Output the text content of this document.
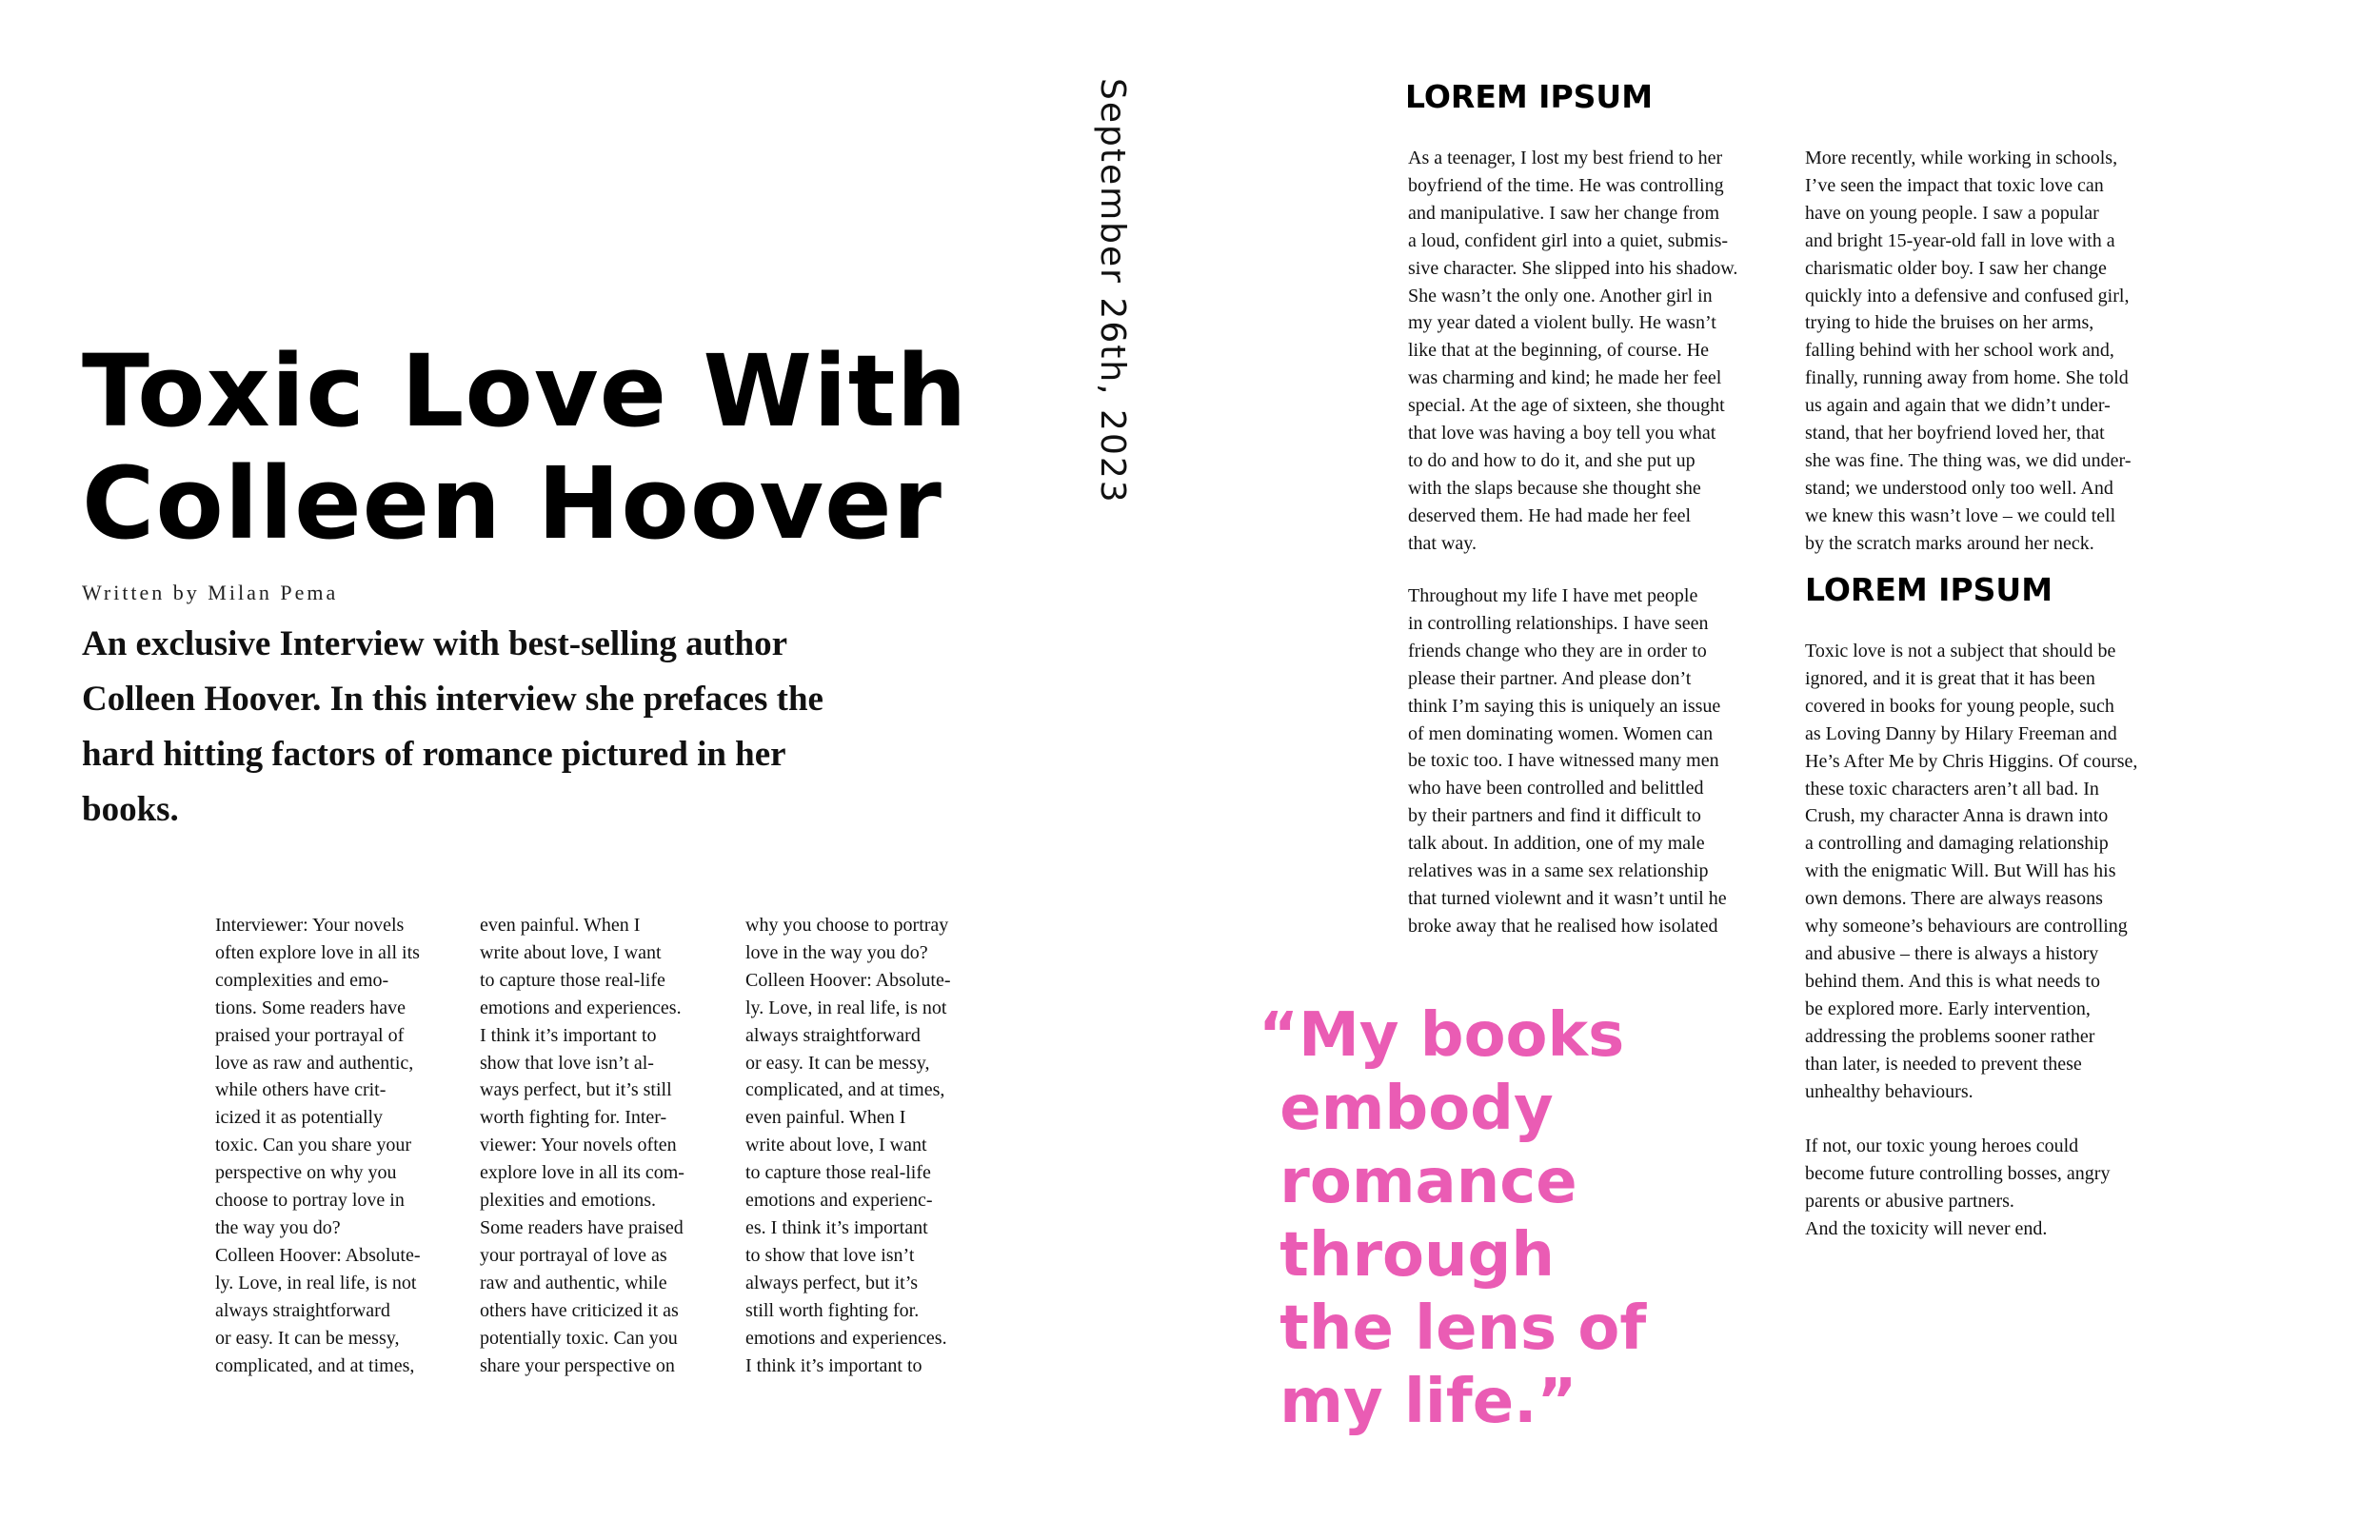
Toxic Love With
Colleen Hoover
Written by Milan Pema
An exclusive Interview with best-selling author Colleen Hoover. In this interview she prefaces the hard hitting factors of romance pictured in her books.
Interviewer: Your novels
often explore love in all its
complexities and emo-
tions. Some readers have
praised your portrayal of
love as raw and authentic,
while others have crit-
icized it as potentially
toxic. Can you share your
perspective on why you
choose to portray love in
the way you do?
Colleen Hoover: Absolute-
ly. Love, in real life, is not
always straightforward
or easy. It can be messy,
complicated, and at times,
even painful. When I
write about love, I want
to capture those real-life
emotions and experiences.
I think it’s important to
show that love isn’t al-
ways perfect, but it’s still
worth fighting for. Inter-
viewer: Your novels often
explore love in all its com-
plexities and emotions.
Some readers have praised
your portrayal of love as
raw and authentic, while
others have criticized it as
potentially toxic. Can you
share your perspective on
why you choose to portray
love in the way you do?
Colleen Hoover: Absolute-
ly. Love, in real life, is not
always straightforward
or easy. It can be messy,
complicated, and at times,
even painful. When I
write about love, I want
to capture those real-life
emotions and experienc-
es. I think it’s important
to show that love isn’t
always perfect, but it’s
still worth fighting for.
emotions and experiences.
I think it’s important to
September 26th, 2023	LOREM IPSUM
As a teenager, I lost my best friend to her
boyfriend of the time. He was controlling
and manipulative. I saw her change from
a loud, confident girl into a quiet, submis-
sive character. She slipped into his shadow.
She wasn’t the only one. Another girl in
my year dated a violent bully. He wasn’t
like that at the beginning, of course. He
was charming and kind; he made her feel
special. At the age of sixteen, she thought
that love was having a boy tell you what
to do and how to do it, and she put up
with the slaps because she thought she
deserved them. He had made her feel
that way.
Throughout my life I have met people
in controlling relationships. I have seen
friends change who they are in order to
please their partner. And please don’t
think I’m saying this is uniquely an issue
of men dominating women. Women can
be toxic too. I have witnessed many men
who have been controlled and belittled
by their partners and find it difficult to
talk about. In addition, one of my male
relatives was in a same sex relationship
that turned violewnt and it wasn’t until he
broke away that he realised how isolated
More recently, while working in schools,
I’ve seen the impact that toxic love can
have on young people. I saw a popular
and bright 15-year-old fall in love with a
charismatic older boy. I saw her change
quickly into a defensive and confused girl,
trying to hide the bruises on her arms,
falling behind with her school work and,
finally, running away from home. She told
us again and again that we didn’t under-
stand, that her boyfriend loved her, that
she was fine. The thing was, we did under-
stand; we understood only too well. And
we knew this wasn’t love – we could tell
by the scratch marks around her neck.
LOREM IPSUM
Toxic love is not a subject that should be
ignored, and it is great that it has been
covered in books for young people, such
as Loving Danny by Hilary Freeman and
He’s After Me by Chris Higgins. Of course,
these toxic characters aren’t all bad. In
Crush, my character Anna is drawn into
a controlling and damaging relationship
with the enigmatic Will. But Will has his
own demons. There are always reasons
why someone’s behaviours are controlling
and abusive – there is always a history
behind them. And this is what needs to
be explored more. Early intervention,
addressing the problems sooner rather
than later, is needed to prevent these
unhealthy behaviours.

If not, our toxic young heroes could
become future controlling bosses, angry
parents or abusive partners.
And the toxicity will never end.
“My books
embody
romance
through
the lens of
my life.”
